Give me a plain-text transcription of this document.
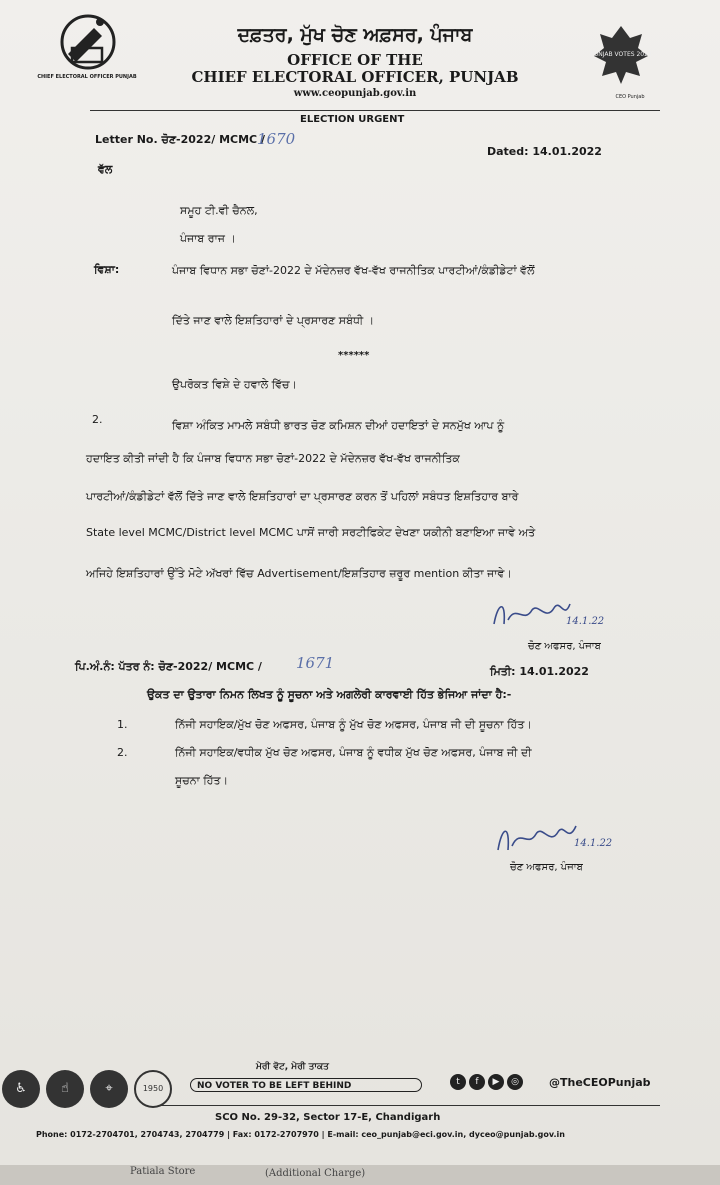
CHIEF ELECTORAL OFFICER PUNJAB
ਦਫ਼ਤਰ, ਮੁੱਖ ਚੋਣ ਅਫ਼ਸਰ, ਪੰਜਾਬ
OFFICE OF THE
CHIEF ELECTORAL OFFICER, PUNJAB
www.ceopunjab.gov.in
PUNJAB VOTES 2022
CEO Punjab
ELECTION URGENT
Letter No. ਚੋਣ-2022/ MCMC /
1670
Dated: 14.01.2022
ਵੱਲ
ਸਮੂਹ ਟੀ.ਵੀ ਚੈਨਲ,
ਪੰਜਾਬ ਰਾਜ ।
ਵਿਸ਼ਾ:	ਪੰਜਾਬ ਵਿਧਾਨ ਸਭਾ ਚੋਣਾਂ-2022 ਦੇ ਮੱਦੇਨਜ਼ਰ ਵੱਖ-ਵੱਖ ਰਾਜਨੀਤਿਕ ਪਾਰਟੀਆਂ/ਕੰਡੀਡੇਟਾਂ ਵੱਲੋਂ
ਦਿੱਤੇ ਜਾਣ ਵਾਲੇ ਇਸ਼ਤਿਹਾਰਾਂ ਦੇ ਪ੍ਰਸਾਰਣ ਸਬੰਧੀ ।
******
ਉਪਰੋਕਤ ਵਿਸ਼ੇ ਦੇ ਹਵਾਲੇ ਵਿੱਚ।
2.	ਵਿਸ਼ਾ ਅੰਕਿਤ ਮਾਮਲੇ ਸਬੰਧੀ ਭਾਰਤ ਚੋਣ ਕਮਿਸ਼ਨ ਦੀਆਂ ਹਦਾਇਤਾਂ ਦੇ ਸਨਮੁੱਖ ਆਪ ਨੂੰ
ਹਦਾਇਤ ਕੀਤੀ ਜਾਂਦੀ ਹੈ ਕਿ ਪੰਜਾਬ ਵਿਧਾਨ ਸਭਾ ਚੋਣਾਂ-2022 ਦੇ ਮੱਦੇਨਜ਼ਰ ਵੱਖ-ਵੱਖ ਰਾਜਨੀਤਿਕ
ਪਾਰਟੀਆਂ/ਕੰਡੀਡੇਟਾਂ ਵੱਲੋਂ ਦਿੱਤੇ ਜਾਣ ਵਾਲੇ ਇਸ਼ਤਿਹਾਰਾਂ ਦਾ ਪ੍ਰਸਾਰਣ ਕਰਨ ਤੋਂ ਪਹਿਲਾਂ ਸਬੰਧਤ ਇਸ਼ਤਿਹਾਰ ਬਾਰੇ
State level MCMC/District level MCMC ਪਾਸੋਂ ਜਾਰੀ ਸਰਟੀਫਿਕੇਟ ਦੇਖਣਾ ਯਕੀਨੀ ਬਣਾਇਆ ਜਾਵੇ ਅਤੇ
ਅਜਿਹੇ ਇਸ਼ਤਿਹਾਰਾਂ ਉੱਤੇ ਮੋਟੇ ਅੱਖਰਾਂ ਵਿੱਚ Advertisement/ਇਸ਼ਤਿਹਾਰ ਜ਼ਰੂਰ mention ਕੀਤਾ ਜਾਵੇ।
14.1.22
ਚੋਣ ਅਫਸਰ, ਪੰਜਾਬ
ਪਿ.ਅੰ.ਨੰ: ਪੱਤਰ ਨੰ: ਚੋਣ-2022/ MCMC / 1671	ਮਿਤੀ: 14.01.2022
ਉਕਤ ਦਾ ਉਤਾਰਾ ਨਿਮਨ ਲਿਖਤ ਨੂੰ ਸੂਚਨਾ ਅਤੇ ਅਗਲੇਰੀ ਕਾਰਵਾਈ ਹਿੱਤ ਭੇਜਿਆ ਜਾਂਦਾ ਹੈ:-
1.	ਨਿੱਜੀ ਸਹਾਇਕ/ਮੁੱਖ ਚੋਣ ਅਫਸਰ, ਪੰਜਾਬ ਨੂੰ ਮੁੱਖ ਚੋਣ ਅਫਸਰ, ਪੰਜਾਬ ਜੀ ਦੀ ਸੂਚਨਾ ਹਿੱਤ।
2.	ਨਿੱਜੀ ਸਹਾਇਕ/ਵਧੀਕ ਮੁੱਖ ਚੋਣ ਅਫਸਰ, ਪੰਜਾਬ ਨੂੰ ਵਧੀਕ ਮੁੱਖ ਚੋਣ ਅਫਸਰ, ਪੰਜਾਬ ਜੀ ਦੀ
ਸੂਚਨਾ ਹਿੱਤ।
14.1.22
ਚੋਣ ਅਫਸਰ, ਪੰਜਾਬ
♿	☝	⌖	1950
ਮੇਰੀ ਵੋਟ, ਮੇਰੀ ਤਾਕਤ
NO VOTER TO BE LEFT BEHIND	t	f	▶	◎	@TheCEOPunjab
SCO No. 29-32, Sector 17-E, Chandigarh
Phone: 0172-2704701, 2704743, 2704779 | Fax: 0172-2707970 | E-mail: ceo_punjab@eci.gov.in, dyceo@punjab.gov.in
Patiala Store	(Additional Charge)
